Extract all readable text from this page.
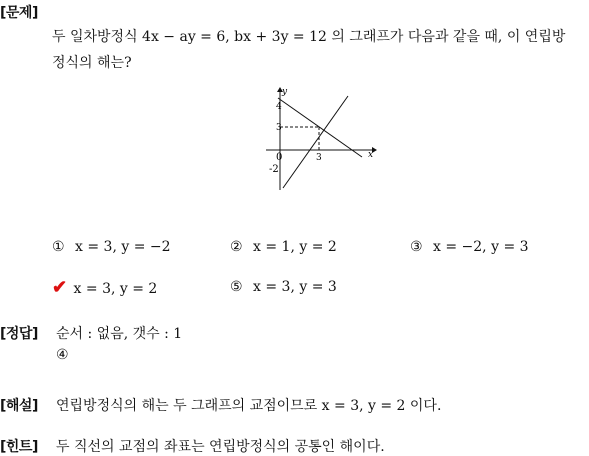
[문제]
두 일차방정식 4x − ay = 6, bx + 3y = 12 의 그래프가 다음과 같을 때, 이 연립방
정식의 해는?
y
x
4
3
0	3
-2
① x = 3, y = −2	② x = 1, y = 2	③ x = −2, y = 3
✔ x = 3, y = 2	⑤ x = 3, y = 3
[정답] 순서 : 없음, 갯수 : 1
④
[해설] 연립방정식의 해는 두 그래프의 교점이므로 x = 3, y = 2 이다.
[힌트] 두 직선의 교점의 좌표는 연립방정식의 공통인 해이다.
